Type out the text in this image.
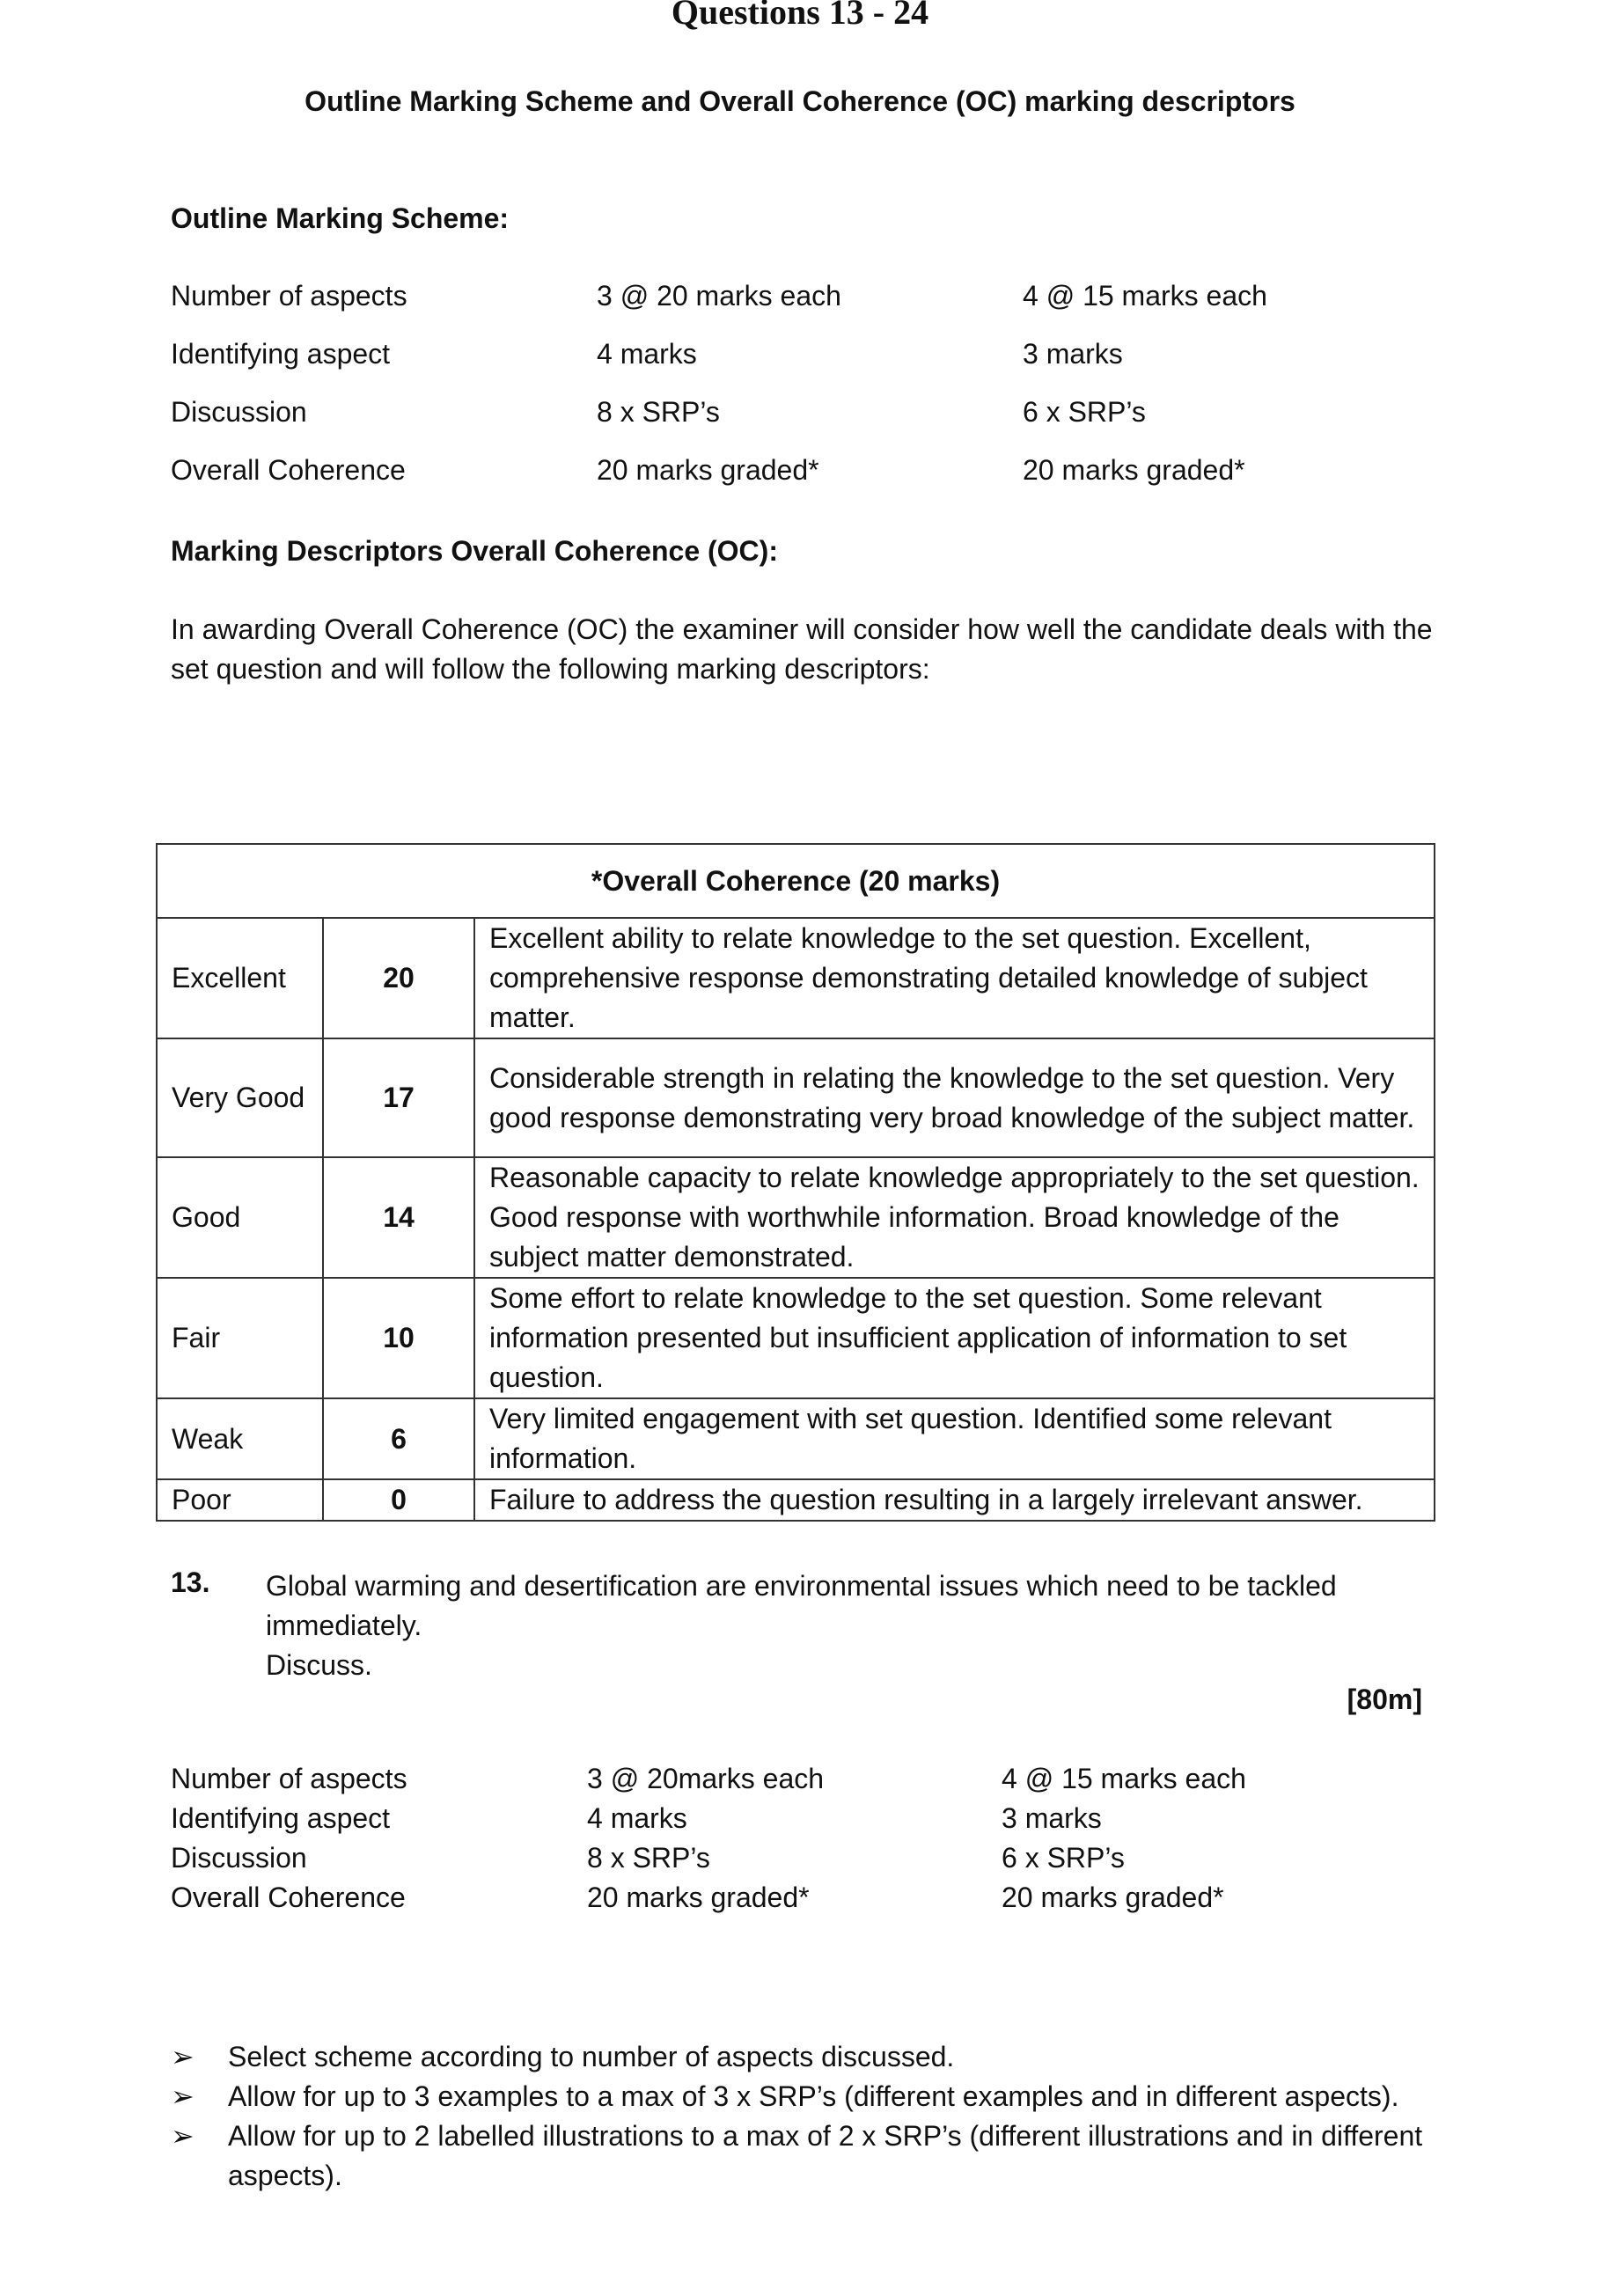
Questions 13 - 24
Outline Marking Scheme and Overall Coherence (OC) marking descriptors
Outline Marking Scheme:
Number of aspects	3 @ 20 marks each	4 @ 15 marks each
Identifying aspect	4 marks	3 marks
Discussion	8 x SRP’s	6 x SRP’s
Overall Coherence	20 marks graded*	20 marks graded*
Marking Descriptors Overall Coherence (OC):
In awarding Overall Coherence (OC) the examiner will consider how well the candidate deals with the set question and will follow the following marking descriptors:
*Overall Coherence (20 marks)		
Excellent	20	Excellent ability to relate knowledge to the set question. Excellent, comprehensive response demonstrating detailed knowledge of subject matter.
Very Good	17	Considerable strength in relating the knowledge to the set question. Very good response demonstrating very broad knowledge of the subject matter.
Good	14	Reasonable capacity to relate knowledge appropriately to the set question. Good response with worthwhile information. Broad knowledge of the subject matter demonstrated.
Fair	10	Some effort to relate knowledge to the set question. Some relevant information presented but insufficient application of information to set question.
Weak	6	Very limited engagement with set question. Identified some relevant information.
Poor	0	Failure to address the question resulting in a largely irrelevant answer.
13. Global warming and desertification are environmental issues which need to be tackled immediately.
Discuss.
[80m]
Number of aspects	3 @ 20marks each	4 @ 15 marks each
Identifying aspect	4 marks	3 marks
Discussion	8 x SRP’s	6 x SRP’s
Overall Coherence	20 marks graded*	20 marks graded*
➢ Select scheme according to number of aspects discussed.
➢ Allow for up to 3 examples to a max of 3 x SRP’s (different examples and in different aspects).
➢ Allow for up to 2 labelled illustrations to a max of 2 x SRP’s (different illustrations and in different aspects).
